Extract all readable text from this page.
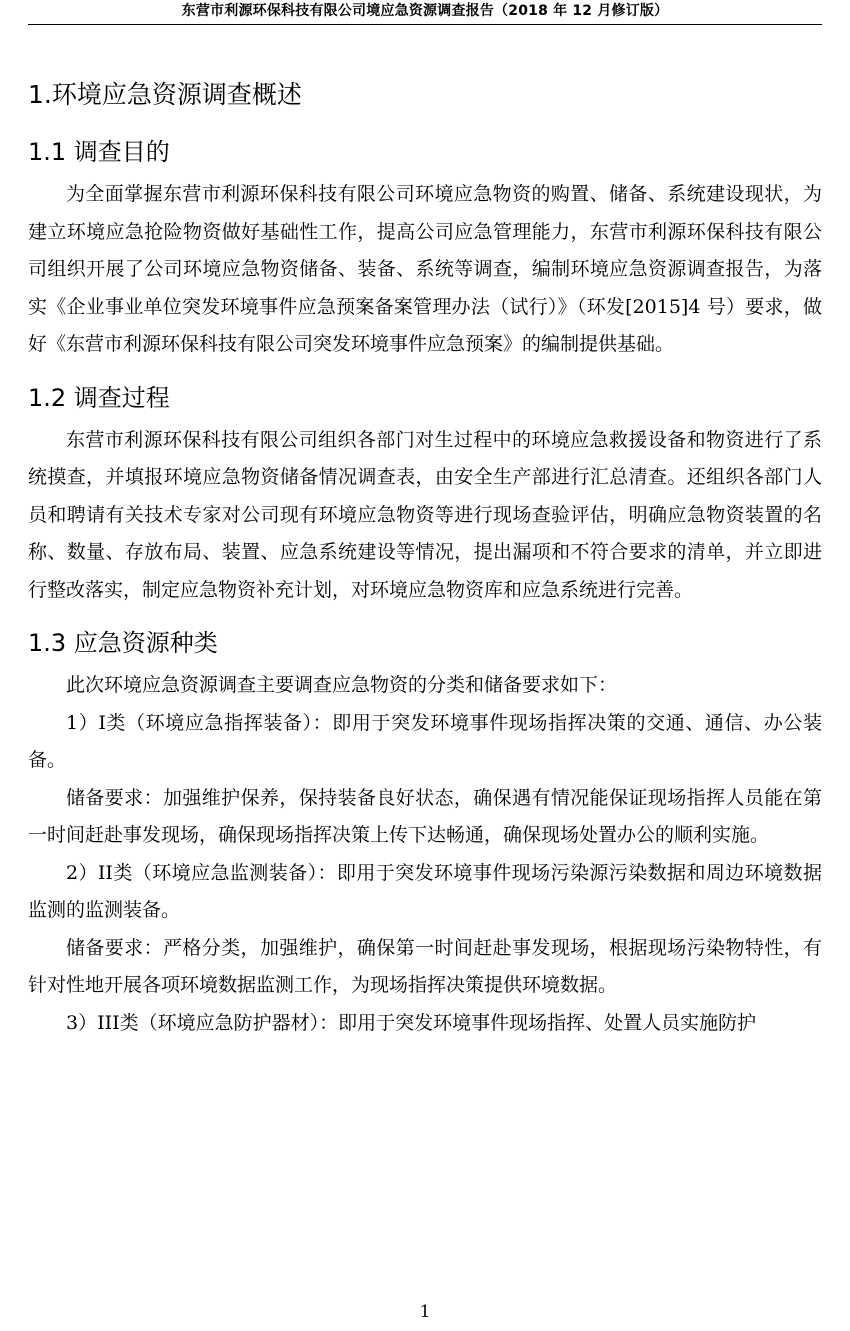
东营市利源环保科技有限公司境应急资源调查报告（2018 年 12 月修订版）
1.环境应急资源调查概述
1.1 调查目的

为全面掌握东营市利源环保科技有限公司环境应急物资的购置、储备、系统建设现状，为建立环境应急抢险物资做好基础性工作，提高公司应急管理能力，东营市利源环保科技有限公司组织开展了公司环境应急物资储备、装备、系统等调查，编制环境应急资源调查报告，为落实《企业事业单位突发环境事件应急预案备案管理办法（试行）》（环发[2015]4 号）要求，做好《东营市利源环保科技有限公司突发环境事件应急预案》的编制提供基础。

1.2 调查过程

东营市利源环保科技有限公司组织各部门对生过程中的环境应急救援设备和物资进行了系统摸查，并填报环境应急物资储备情况调查表，由安全生产部进行汇总清查。还组织各部门人员和聘请有关技术专家对公司现有环境应急物资等进行现场查验评估，明确应急物资装置的名称、数量、存放布局、装置、应急系统建设等情况，提出漏项和不符合要求的清单，并立即进行整改落实，制定应急物资补充计划，对环境应急物资库和应急系统进行完善。

1.3 应急资源种类

此次环境应急资源调查主要调查应急物资的分类和储备要求如下：

1）I类（环境应急指挥装备）：即用于突发环境事件现场指挥决策的交通、通信、办公装备。

储备要求：加强维护保养，保持装备良好状态，确保遇有情况能保证现场指挥人员能在第一时间赶赴事发现场，确保现场指挥决策上传下达畅通，确保现场处置办公的顺利实施。

2）II类（环境应急监测装备）：即用于突发环境事件现场污染源污染数据和周边环境数据监测的监测装备。

储备要求：严格分类，加强维护，确保第一时间赶赴事发现场，根据现场污染物特性，有针对性地开展各项环境数据监测工作，为现场指挥决策提供环境数据。

3）III类（环境应急防护器材）：即用于突发环境事件现场指挥、处置人员实施防护

1
